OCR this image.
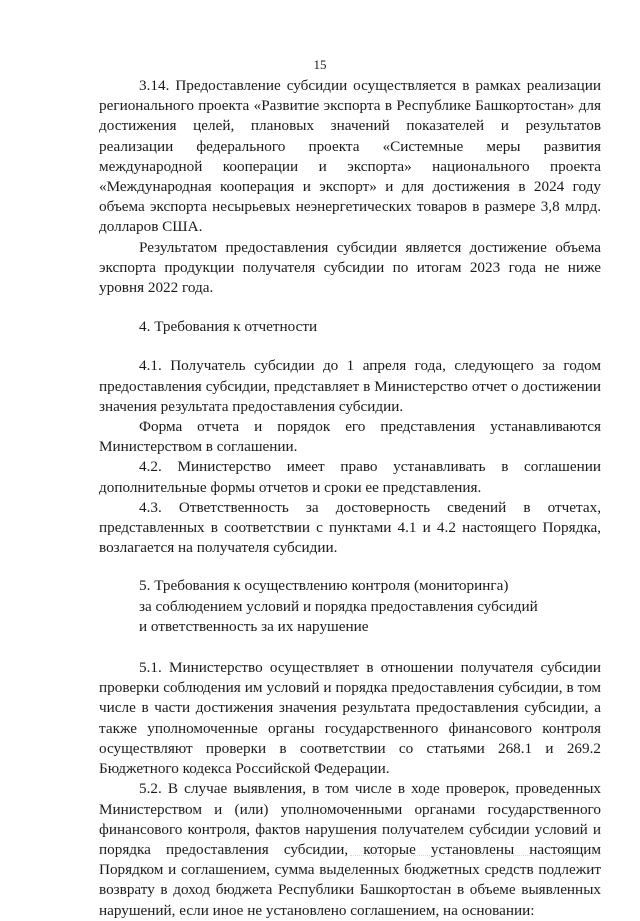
15

3.14. Предоставление субсидии осуществляется в рамках реализации регионального проекта «Развитие экспорта в Республике Башкортостан» для достижения целей, плановых значений показателей и результатов реализации федерального проекта «Системные меры развития международной кооперации и экспорта» национального проекта «Международная кооперация и экспорт» и для достижения в 2024 году объема экспорта несырьевых неэнергетических товаров в размере 3,8 млрд. долларов США.

Результатом предоставления субсидии является достижение объема экспорта продукции получателя субсидии по итогам 2023 года не ниже уровня 2022 года.

4. Требования к отчетности

4.1. Получатель субсидии до 1 апреля года, следующего за годом предоставления субсидии, представляет в Министерство отчет о достижении значения результата предоставления субсидии.

Форма отчета и порядок его представления устанавливаются Министерством в соглашении.

4.2. Министерство имеет право устанавливать в соглашении дополнительные формы отчетов и сроки ее представления.

4.3. Ответственность за достоверность сведений в отчетах, представленных в соответствии с пунктами 4.1 и 4.2 настоящего Порядка, возлагается на получателя субсидии.

5. Требования к осуществлению контроля (мониторинга)
за соблюдением условий и порядка предоставления субсидий
и ответственность за их нарушение

5.1. Министерство осуществляет в отношении получателя субсидии проверки соблюдения им условий и порядка предоставления субсидии, в том числе в части достижения значения результата предоставления субсидии, а также уполномоченные органы государственного финансового контроля осуществляют проверки в соответствии со статьями 268.1 и 269.2 Бюджетного кодекса Российской Федерации.

5.2. В случае выявления, в том числе в ходе проверок, проведенных Министерством и (или) уполномоченными органами государственного финансового контроля, фактов нарушения получателем субсидии условий и порядка предоставления субсидии, которые установлены настоящим Порядком и соглашением, сумма выделенных бюджетных средств подлежит возврату в доход бюджета Республики Башкортостан в объеме выявленных нарушений, если иное не установлено соглашением, на основании:
